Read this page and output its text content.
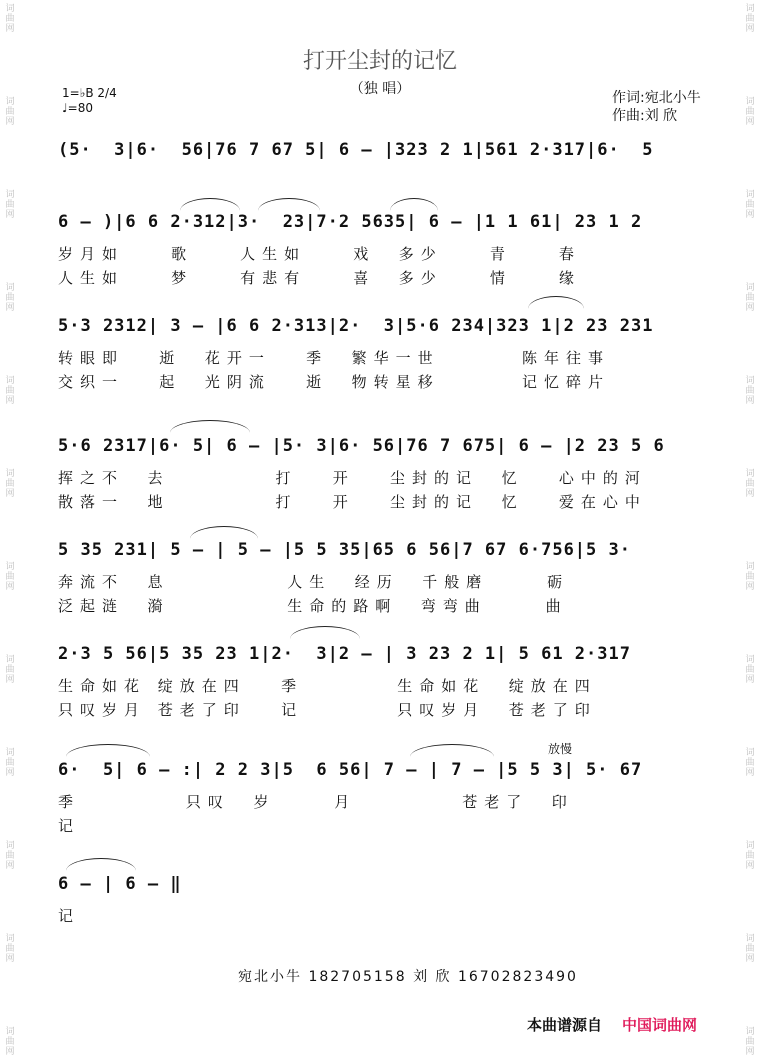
词曲网
词曲网
词曲网
词曲网
词曲网
词曲网
词曲网
词曲网
词曲网
词曲网
词曲网
词曲网
词曲网
词曲网
词曲网
词曲网
词曲网
词曲网
词曲网
词曲网
词曲网
词曲网
词曲网
词曲网
打开尘封的记忆
（独 唱）
1=♭B 2/4
♩=80
作词:宛北小牛
作曲:刘 欣
(5·  3|6·  56|76 7 67 5| 6 — |323 2 1|561 2·317|6·  5
6 — )|6 6 2·312|3·  23|7·2 5635| 6 — |1 1 61| 23 1 2
岁月如    歌    人生如    戏  多少    青    春
人生如    梦    有悲有    喜  多少    情    缘
5·3 2312| 3 — |6 6 2·313|2·  3|5·6 234|323 1|2 23 231
转眼即   逝  花开一   季  繁华一世       陈年往事
交织一   起  光阴流   逝  物转星移       记忆碎片
5·6 2317|6· 5| 6 — |5· 3|6· 56|76 7 675| 6 — |2 23 5 6
挥之不  去         打   开   尘封的记  忆   心中的河
散落一  地         打   开   尘封的记  忆   爱在心中
5 35 231| 5 — | 5 — |5 5 35|65 6 56|7 67 6·756|5 3·
奔流不  息          人生  经历  千般磨     砺
泛起涟  漪          生命的路啊  弯弯曲     曲
2·3 5 56|5 35 23 1|2·  3|2 — | 3 23 2 1| 5 61 2·317
生命如花 绽放在四   季        生命如花  绽放在四
只叹岁月 苍老了印   记        只叹岁月  苍老了印
放慢
6·  5| 6 — :| 2 2 3|5  6 56| 7 — | 7 — |5 5 3| 5· 67
季         只叹  岁     月         苍老了  印
记
6 — | 6 — ‖
记
宛北小牛 182705158 刘 欣 16702823490
本曲谱源自 中国词曲网
